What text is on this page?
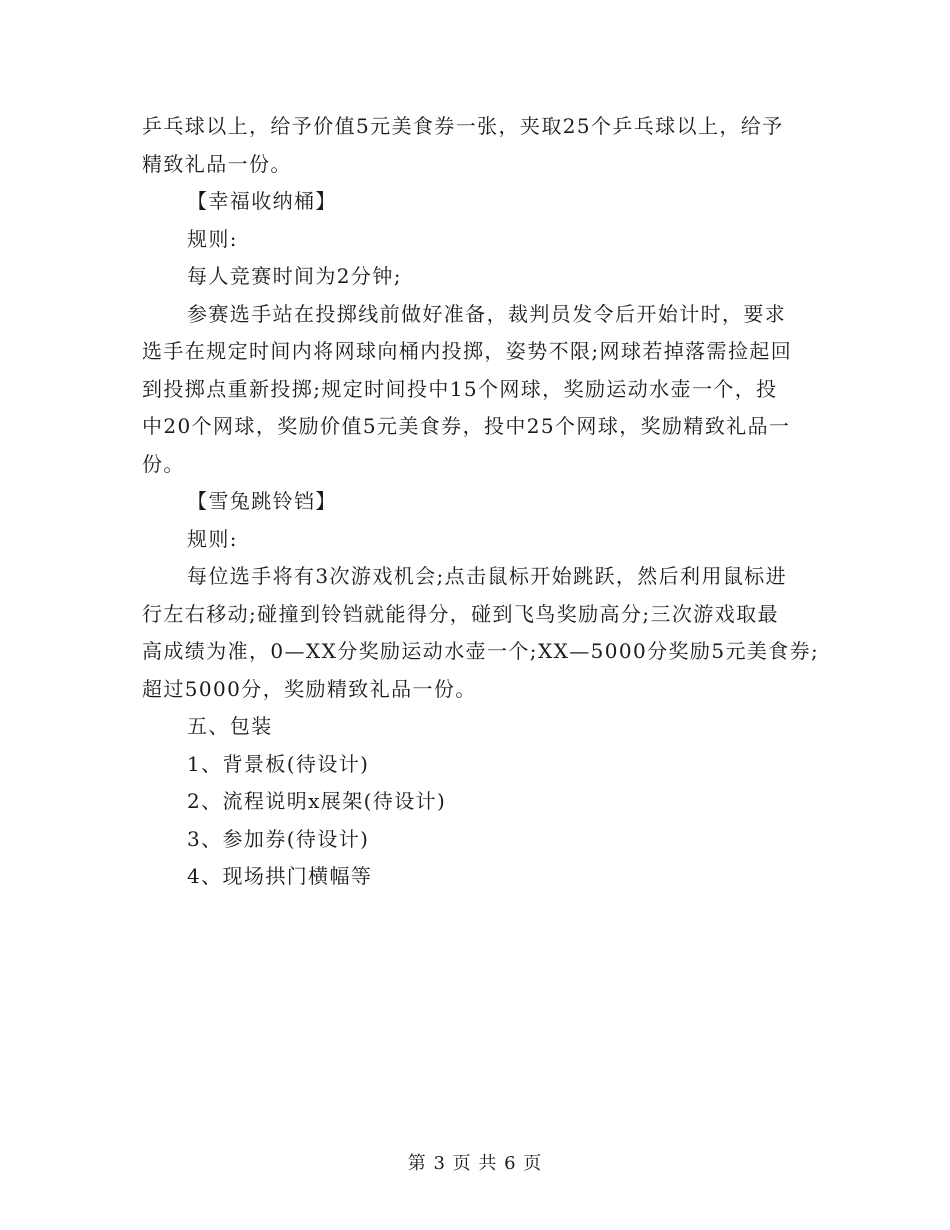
乒乓球以上，给予价值5元美食券一张，夹取25个乒乓球以上，给予
精致礼品一份。
【幸福收纳桶】
规则:
每人竞赛时间为2分钟;
参赛选手站在投掷线前做好准备，裁判员发令后开始计时，要求
选手在规定时间内将网球向桶内投掷，姿势不限;网球若掉落需捡起回
到投掷点重新投掷;规定时间投中15个网球，奖励运动水壶一个，投
中20个网球，奖励价值5元美食券，投中25个网球，奖励精致礼品一
份。
【雪兔跳铃铛】
规则:
每位选手将有3次游戏机会;点击鼠标开始跳跃，然后利用鼠标进
行左右移动;碰撞到铃铛就能得分，碰到飞鸟奖励高分;三次游戏取最
高成绩为准，0—XX分奖励运动水壶一个;XX—5000分奖励5元美食券;
超过5000分，奖励精致礼品一份。
五、包装
1、背景板(待设计)
2、流程说明x展架(待设计)
3、参加券(待设计)
4、现场拱门横幅等
第 3 页 共 6 页
